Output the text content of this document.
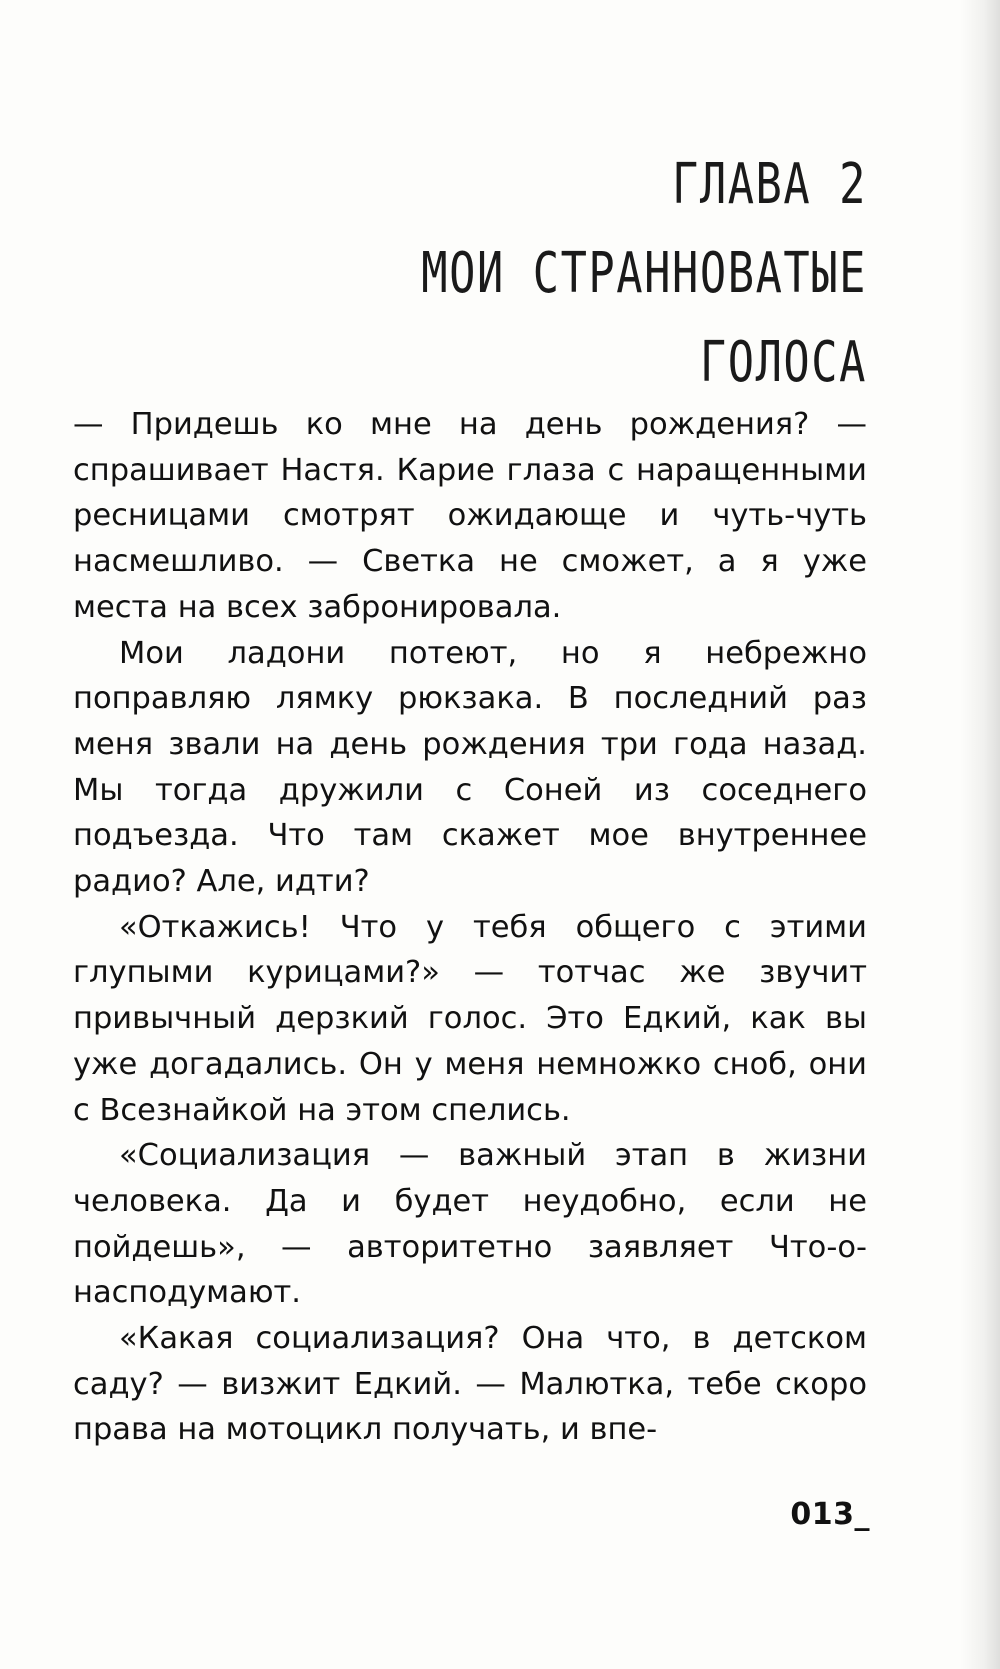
ГЛАВА 2
МОИ СТРАННОВАТЫЕ
ГОЛОСА

— Придешь ко мне на день рождения? — спрашивает Настя. Карие глаза с наращенными ресницами смотрят ожидающе и чуть-чуть насмешливо. — Светка не сможет, а я уже места на всех забронировала.

Мои ладони потеют, но я небрежно поправляю лямку рюкзака. В последний раз меня звали на день рождения три года назад. Мы тогда дружили с Соней из соседнего подъезда. Что там скажет мое внутреннее радио? Але, идти?

«Откажись! Что у тебя общего с этими глупыми курицами?» — тотчас же звучит привычный дерзкий голос. Это Едкий, как вы уже догадались. Он у меня немножко сноб, они с Всезнайкой на этом спелись.

«Социализация — важный этап в жизни человека. Да и будет неудобно, если не пойдешь», — авторитетно заявляет Что-о-насподумают.

«Какая социализация? Она что, в детском саду? — визжит Едкий. — Малютка, тебе скоро права на мотоцикл получать, и впе-

013_
